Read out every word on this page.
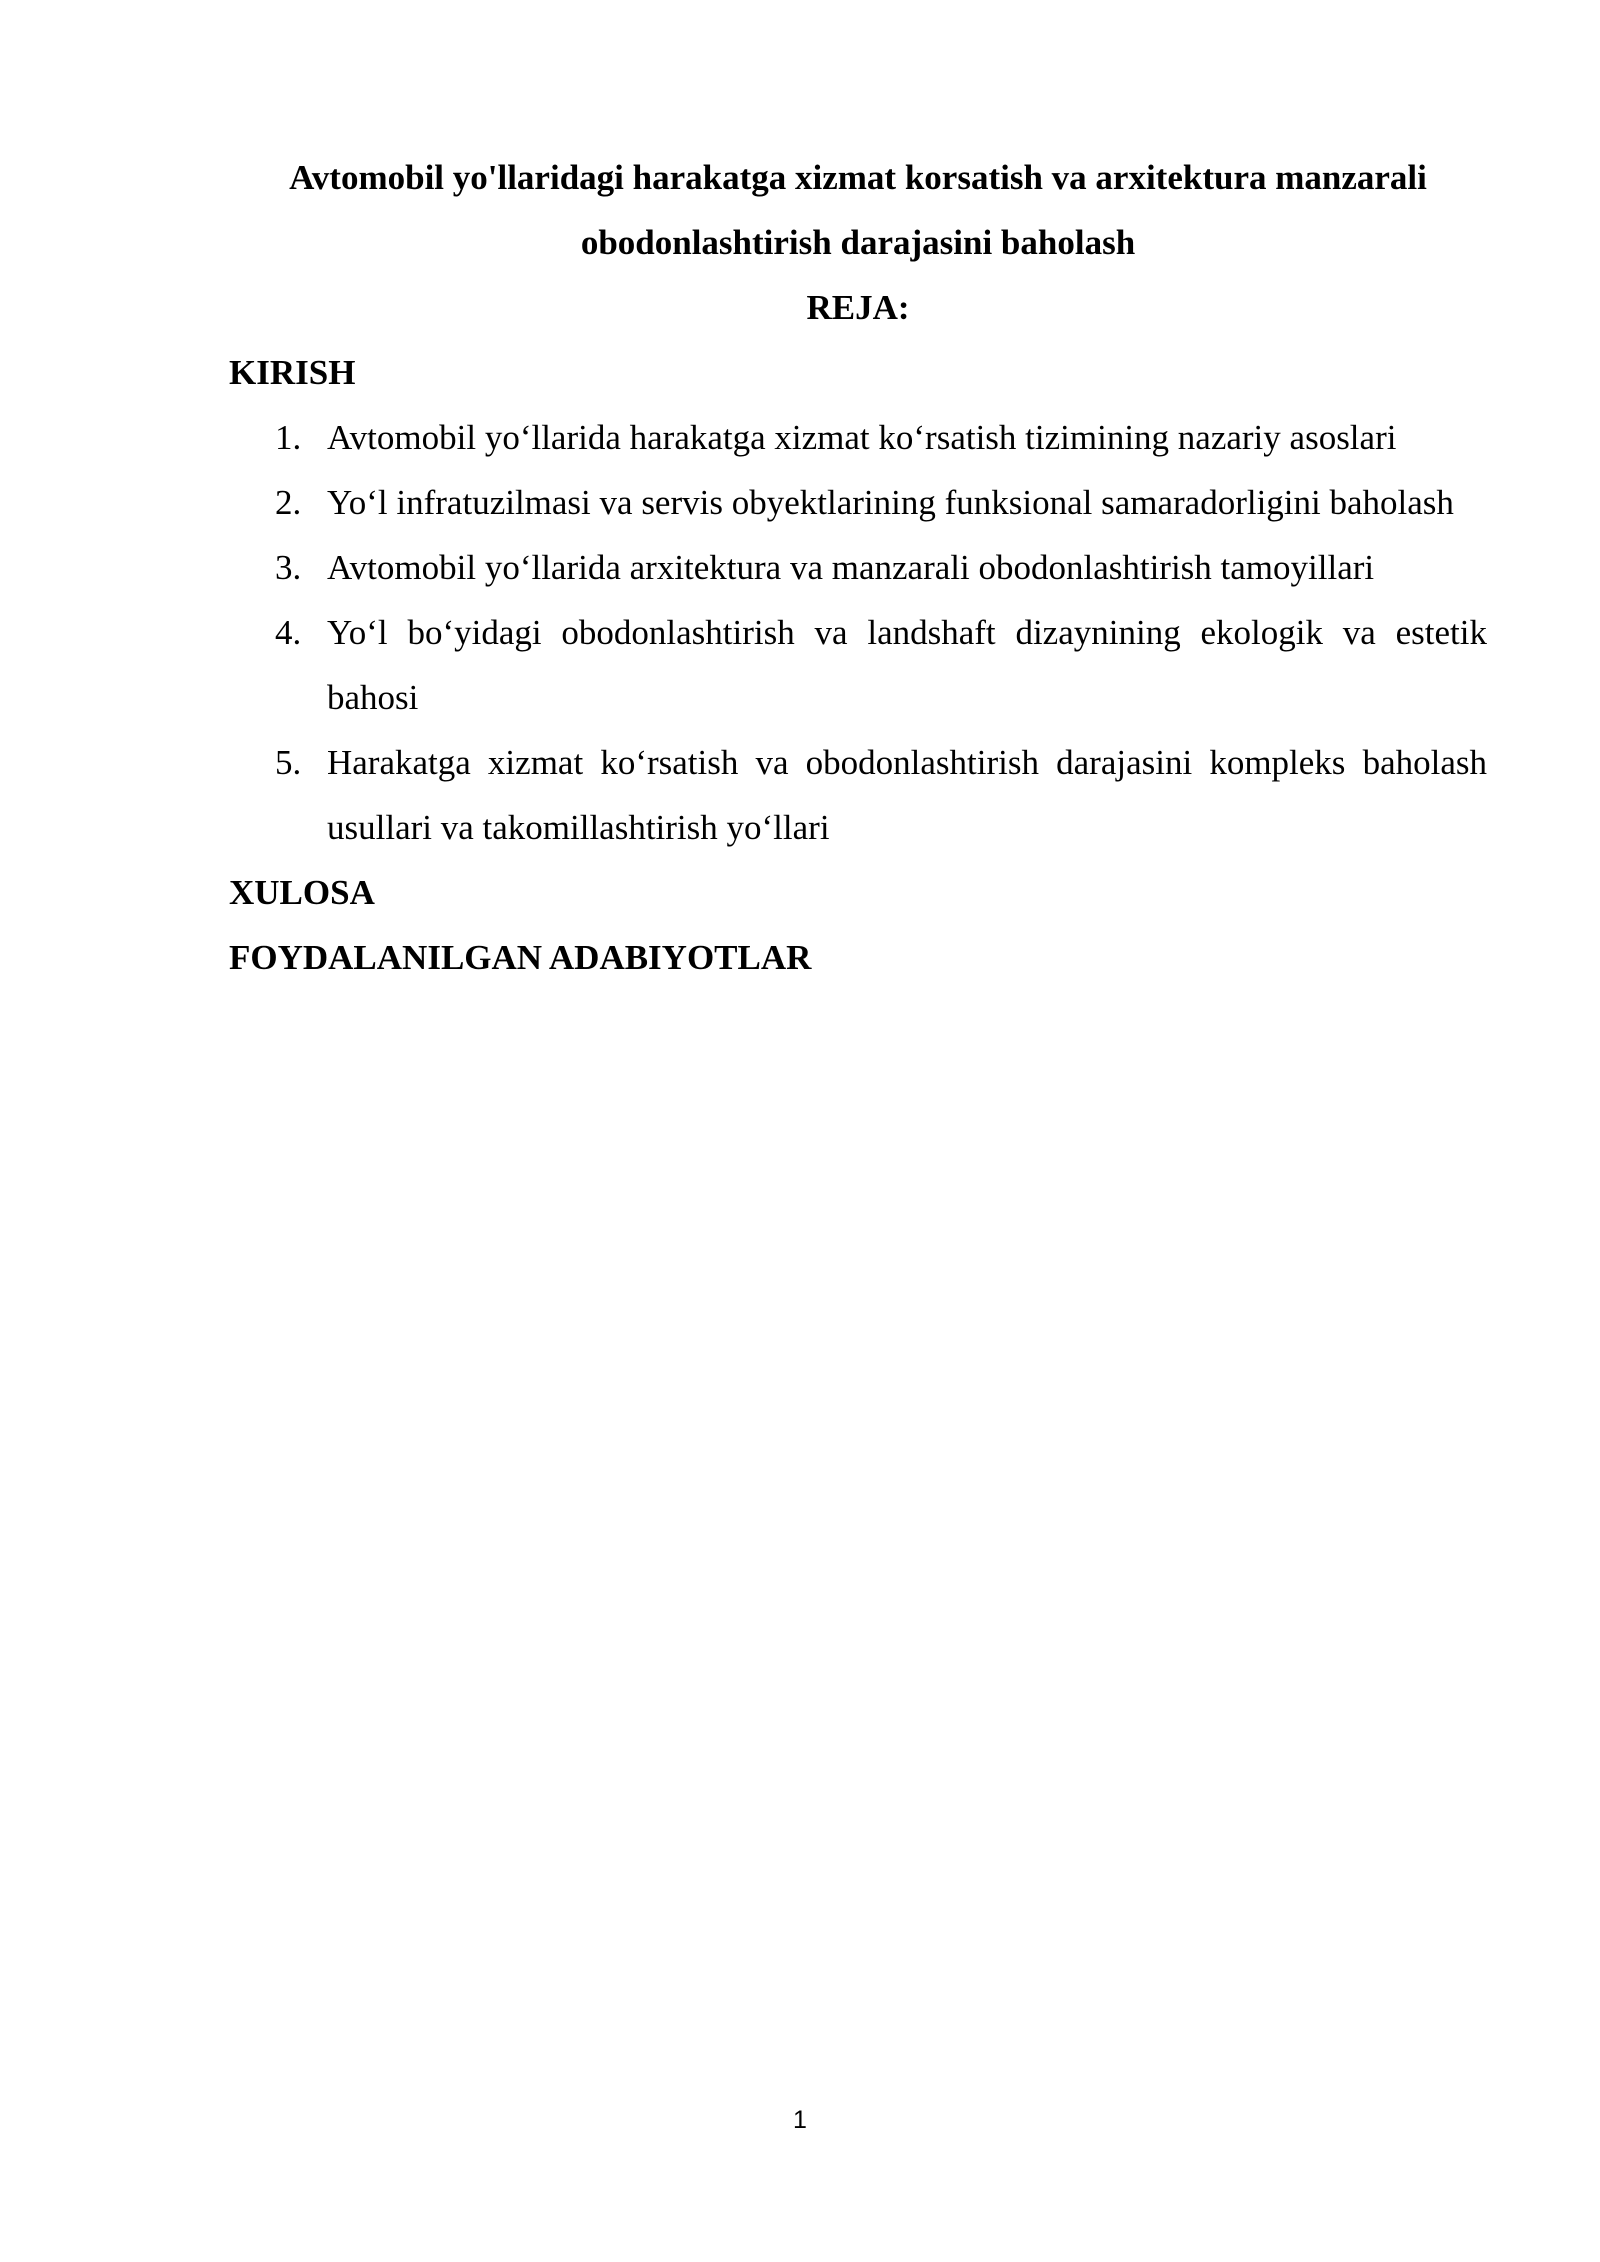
Avtomobil yo'llaridagi harakatga xizmat korsatish va arxitektura manzarali obodonlashtirish darajasini baholash

REJA:

KIRISH

1. Avtomobil yo‘llarida harakatga xizmat ko‘rsatish tizimining nazariy asoslari
2. Yo‘l infratuzilmasi va servis obyektlarining funksional samaradorligini baholash
3. Avtomobil yo‘llarida arxitektura va manzarali obodonlashtirish tamoyillari
4. Yo‘l bo‘yidagi obodonlashtirish va landshaft dizaynining ekologik va estetik bahosi
5. Harakatga xizmat ko‘rsatish va obodonlashtirish darajasini kompleks baholash usullari va takomillashtirish yo‘llari

XULOSA

FOYDALANILGAN ADABIYOTLAR

1
